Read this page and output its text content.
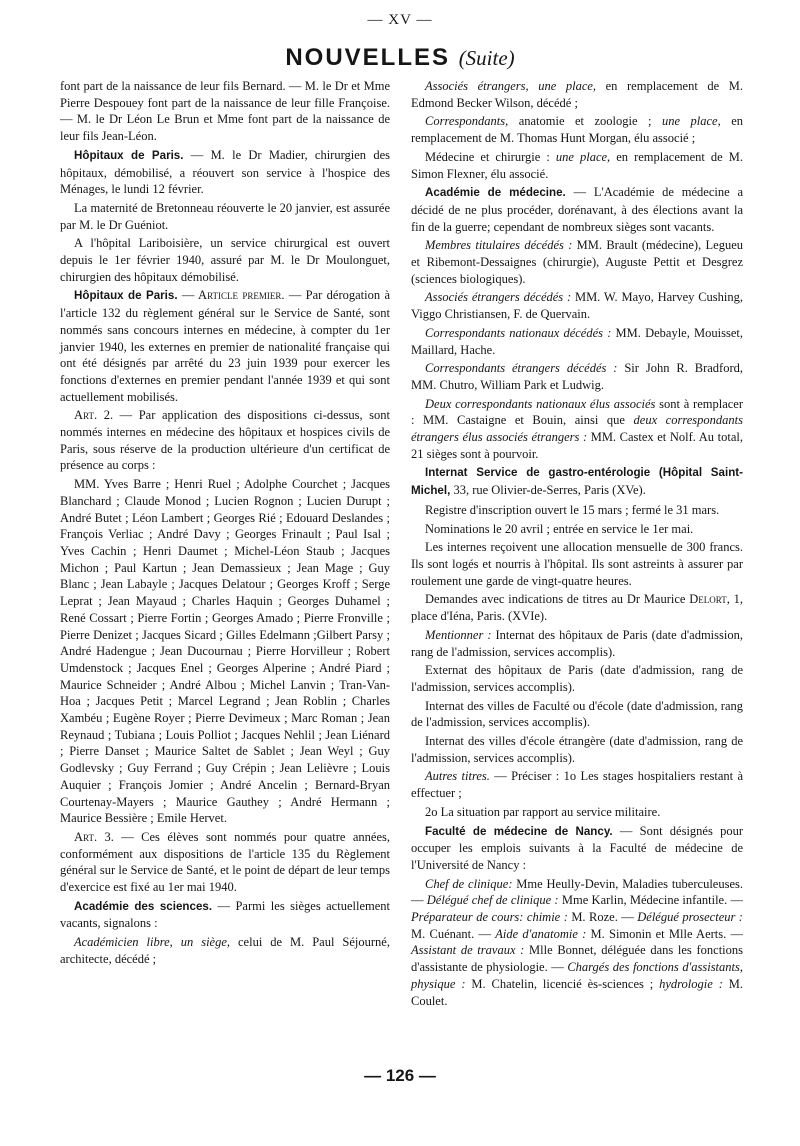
— XV —
NOUVELLES (Suite)

font part de la naissance de leur fils Bernard. — M. le Dr et Mme Pierre Despouey font part de la naissance de leur fille Françoise. — M. le Dr Léon Le Brun et Mme font part de la naissance de leur fils Jean-Léon.

Hôpitaux de Paris. — M. le Dr Madier, chirurgien des hôpitaux, démobilisé, a réouvert son service à l'hospice des Ménages, le lundi 12 février.

La maternité de Bretonneau réouverte le 20 janvier, est assurée par M. le Dr Guéniot.

A l'hôpital Lariboisière, un service chirurgical est ouvert depuis le 1er février 1940, assuré par M. le Dr Moulonguet, chirurgien des hôpitaux démobilisé.

Hôpitaux de Paris. — Article premier. — Par dérogation à l'article 132 du règlement général sur le Service de Santé, sont nommés sans concours internes en médecine, à compter du 1er janvier 1940, les externes en premier de nationalité française qui ont été désignés par arrêté du 23 juin 1939 pour exercer les fonctions d'externes en premier pendant l'année 1939 et qui sont actuellement mobilisés.

Art. 2. — Par application des dispositions ci-dessus, sont nommés internes en médecine des hôpitaux et hospices civils de Paris, sous réserve de la production ultérieure d'un certificat de présence au corps :

MM. Yves Barre ; Henri Ruel ; Adolphe Courchet ; Jacques Blanchard ; Claude Monod ; Lucien Rognon ; Lucien Durupt ; André Butet ; Léon Lambert ; Georges Rié ; Edouard Deslandes ; François Verliac ; André Davy ; Georges Frinault ; Paul Isal ; Yves Cachin ; Henri Daumet ; Michel-Léon Staub ; Jacques Michon ; Paul Kartun ; Jean Demassieux ; Jean Mage ; Guy Blanc ; Jean Labayle ; Jacques Delatour ; Georges Kroff ; Serge Leprat ; Jean Mayaud ; Charles Haquin ; Georges Duhamel ; René Cossart ; Pierre Fortin ; Georges Amado ; Pierre Fronville ; Pierre Denizet ; Jacques Sicard ; Gilles Edelmann ;Gilbert Parsy ; André Hadengue ; Jean Ducournau ; Pierre Horvilleur ; Robert Umdenstock ; Jacques Enel ; Georges Alperine ; André Piard ; Maurice Schneider ; André Albou ; Michel Lanvin ; Tran-Van-Hoa ; Jacques Petit ; Marcel Legrand ; Jean Roblin ; Charles Xambéu ; Eugène Royer ; Pierre Devimeux ; Marc Roman ; Jean Reynaud ; Tubiana ; Louis Polliot ; Jacques Nehlil ; Jean Liénard ; Pierre Danset ; Maurice Saltet de Sablet ; Jean Weyl ; Guy Godlevsky ; Guy Ferrand ; Guy Crépin ; Jean Lelièvre ; Louis Auquier ; François Jomier ; André Ancelin ; Bernard-Bryan Courtenay-Mayers ; Maurice Gauthey ; André Hermann ; Maurice Bessière ; Emile Hervet.

Art. 3. — Ces élèves sont nommés pour quatre années, conformément aux dispositions de l'article 135 du Règlement général sur le Service de Santé, et le point de départ de leur temps d'exercice est fixé au 1er mai 1940.

Académie des sciences. — Parmi les sièges actuellement vacants, signalons :

Académicien libre, un siège, celui de M. Paul Séjourné, architecte, décédé ;

Associés étrangers, une place, en remplacement de M. Edmond Becker Wilson, décédé ;

Correspondants, anatomie et zoologie ; une place, en remplacement de M. Thomas Hunt Morgan, élu associé ;

Médecine et chirurgie : une place, en remplacement de M. Simon Flexner, élu associé.

Académie de médecine. — L'Académie de médecine a décidé de ne plus procéder, dorénavant, à des élections avant la fin de la guerre; cependant de nombreux sièges sont vacants.

Membres titulaires décédés : MM. Brault (médecine), Legueu et Ribemont-Dessaignes (chirurgie), Auguste Pettit et Desgrez (sciences biologiques).

Associés étrangers décédés : MM. W. Mayo, Harvey Cushing, Viggo Christiansen, F. de Quervain.

Correspondants nationaux décédés : MM. Debayle, Mouisset, Maillard, Hache.

Correspondants étrangers décédés : Sir John R. Bradford, MM. Chutro, William Park et Ludwig.

Deux correspondants nationaux élus associés sont à remplacer : MM. Castaigne et Bouin, ainsi que deux correspondants étrangers élus associés étrangers : MM. Castex et Nolf. Au total, 21 sièges sont à pourvoir.

Internat Service de gastro-entérologie (Hôpital Saint-Michel, 33, rue Olivier-de-Serres, Paris (XVe).

Registre d'inscription ouvert le 15 mars ; fermé le 31 mars.

Nominations le 20 avril ; entrée en service le 1er mai.

Les internes reçoivent une allocation mensuelle de 300 francs. Ils sont logés et nourris à l'hôpital. Ils sont astreints à assurer par roulement une garde de vingt-quatre heures.

Demandes avec indications de titres au Dr Maurice Delort, 1, place d'Iéna, Paris. (XVIe).

Mentionner : Internat des hôpitaux de Paris (date d'admission, rang de l'admission, services accomplis).

Externat des hôpitaux de Paris (date d'admission, rang de l'admission, services accomplis).

Internat des villes de Faculté ou d'école (date d'admission, rang de l'admission, services accomplis).

Internat des villes d'école étrangère (date d'admission, rang de l'admission, services accomplis).

Autres titres. — Préciser : 1o Les stages hospitaliers restant à effectuer ;

2o La situation par rapport au service militaire.

Faculté de médecine de Nancy. — Sont désignés pour occuper les emplois suivants à la Faculté de médecine de l'Université de Nancy :

Chef de clinique: Mme Heully-Devin, Maladies tuberculeuses. — Délégué chef de clinique : Mme Karlin, Médecine infantile. — Préparateur de cours: chimie : M. Roze. — Délégué prosecteur : M. Cuénant. — Aide d'anatomie : M. Simonin et Mlle Aerts. — Assistant de travaux : Mlle Bonnet, déléguée dans les fonctions d'assistante de physiologie. — Chargés des fonctions d'assistants, physique : M. Chatelin, licencié ès-sciences ; hydrologie : M. Coulet.

— 126 —
